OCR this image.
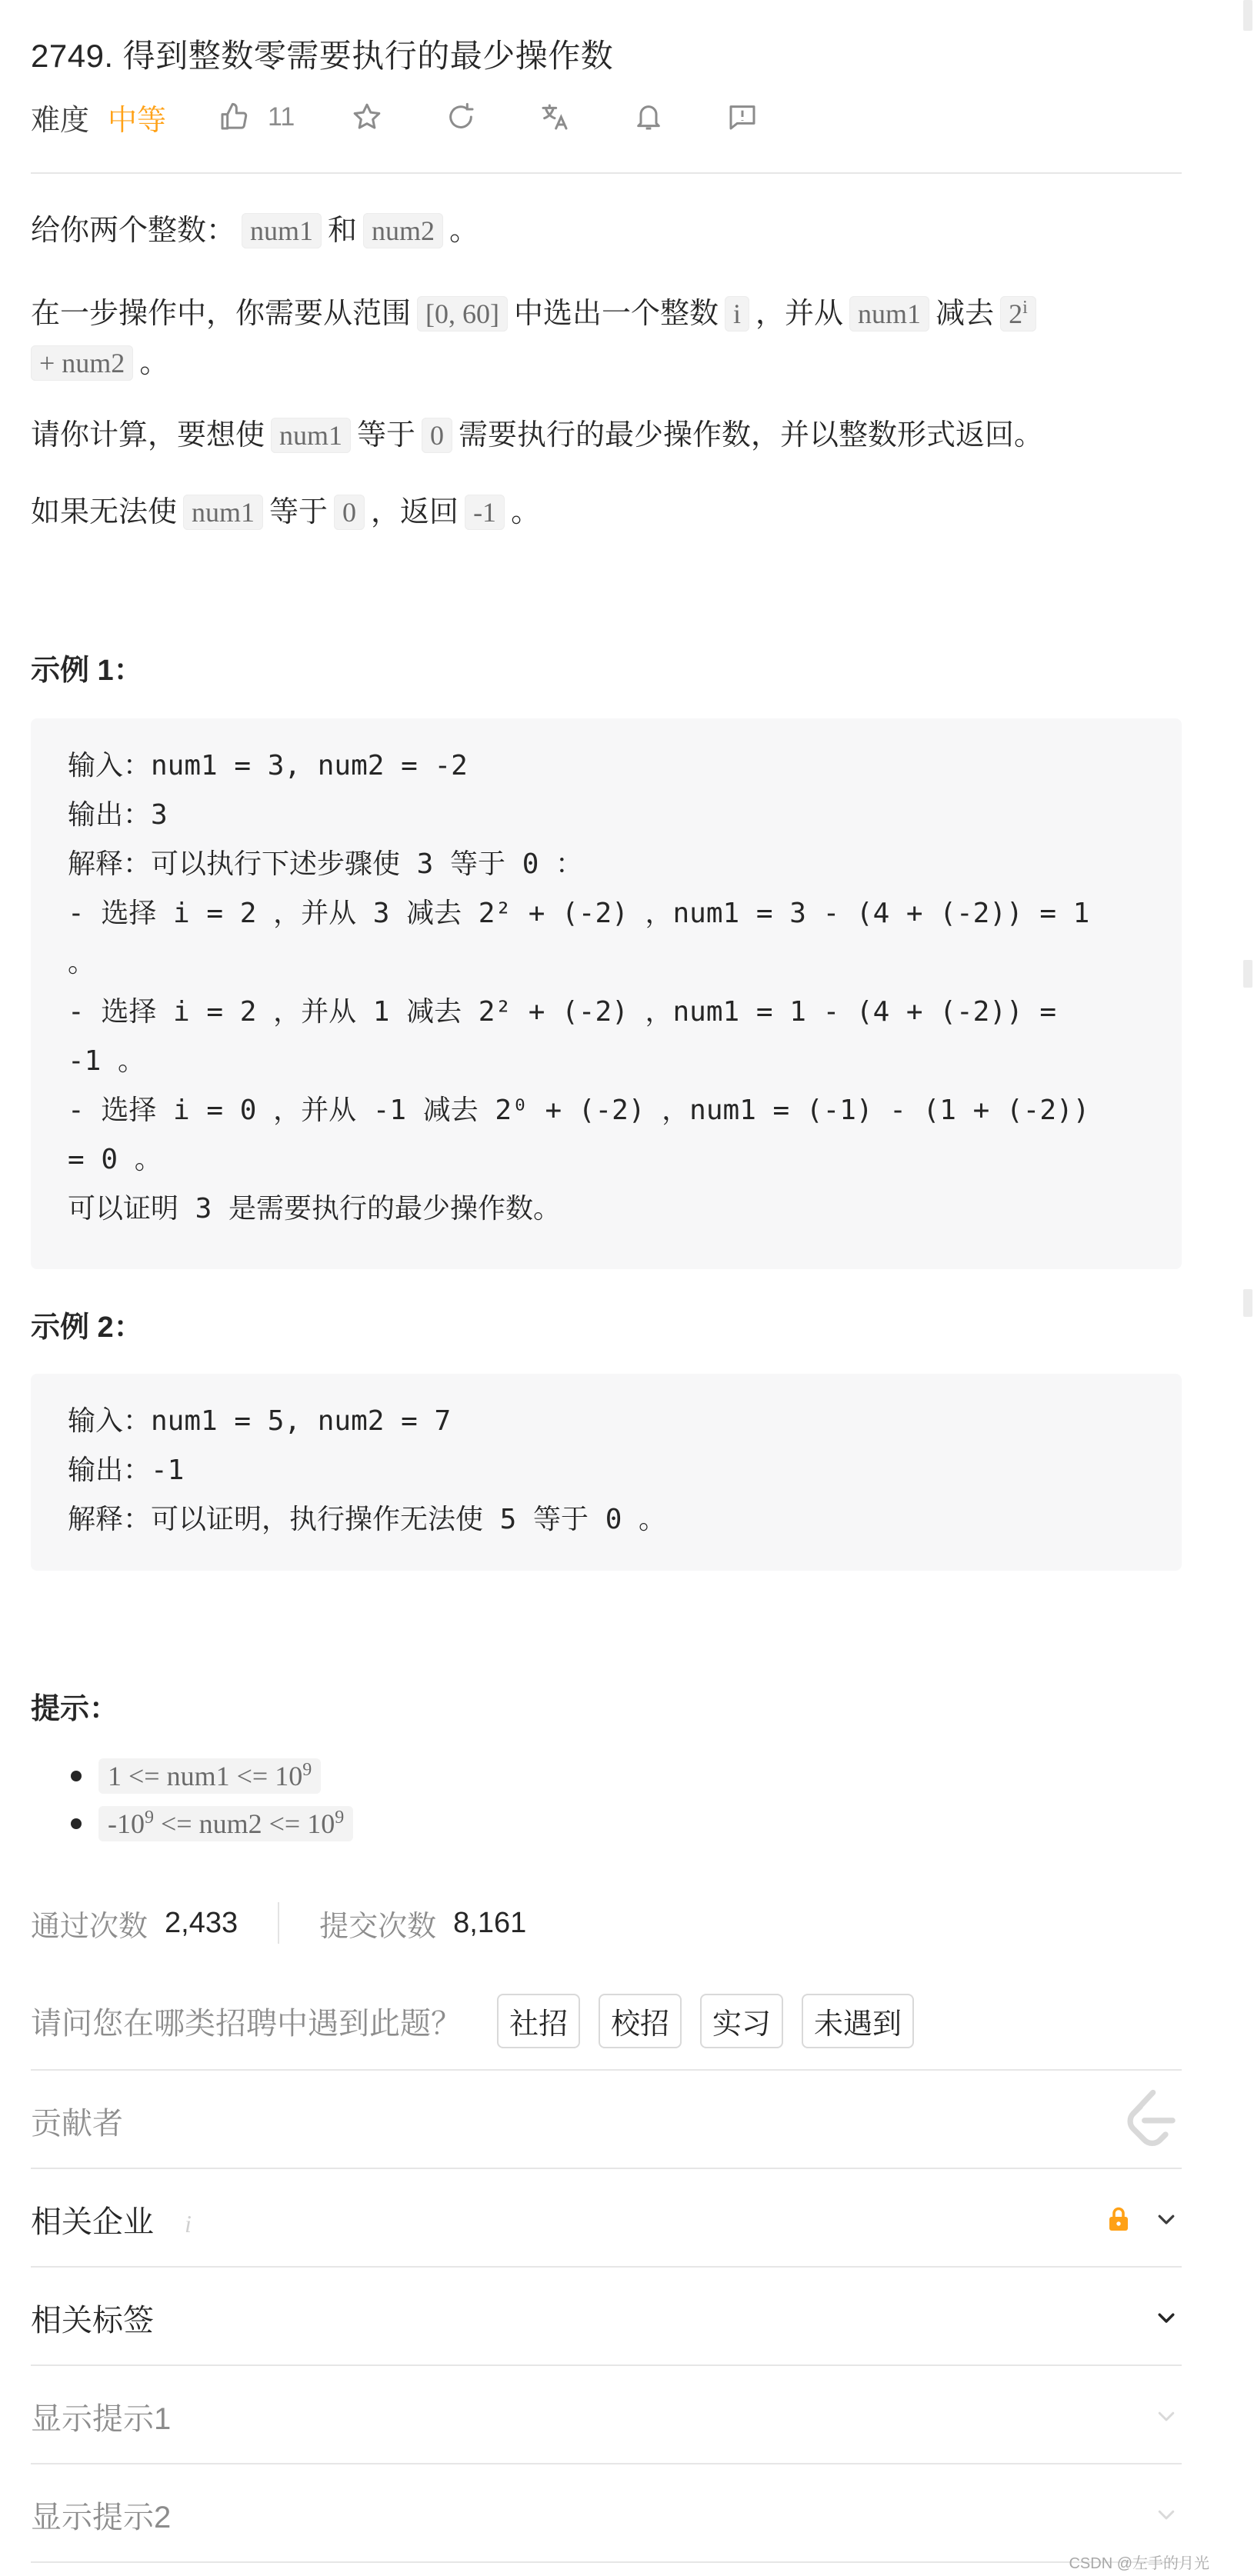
2749. 得到整数零需要执行的最少操作数
难度 中等	11
给你两个整数： num1 和 num2 。
在一步操作中，你需要从范围 [0, 60] 中选出一个整数 i ，并从 num1 减去 $2^i$
+ num2 。
请你计算，要想使 num1 等于 0 需要执行的最少操作数，并以整数形式返回。
如果无法使 num1 等于 0 ，返回 -1 。
示例 1：
输入：num1 = 3, num2 = -2
输出：3
解释：可以执行下述步骤使 3 等于 0 ：
- 选择 i = 2 ，并从 3 减去 2² + (-2) ，num1 = 3 - (4 + (-2)) = 1
。
- 选择 i = 2 ，并从 1 减去 2² + (-2) ，num1 = 1 - (4 + (-2)) =
-1 。
- 选择 i = 0 ，并从 -1 减去 2⁰ + (-2) ，num1 = (-1) - (1 + (-2))
= 0 。
可以证明 3 是需要执行的最少操作数。
示例 2：
输入：num1 = 5, num2 = 7
输出：-1
解释：可以证明，执行操作无法使 5 等于 0 。
提示：
$1 <= num1 <= 10^9$
$-10^9 <= num2 <= 10^9$
通过次数 2,433	提交次数 8,161
请问您在哪类招聘中遇到此题？	社招	校招	实习	未遇到
贡献者
相关企业 i
相关标签
显示提示1
显示提示2
CSDN @左手的月光
